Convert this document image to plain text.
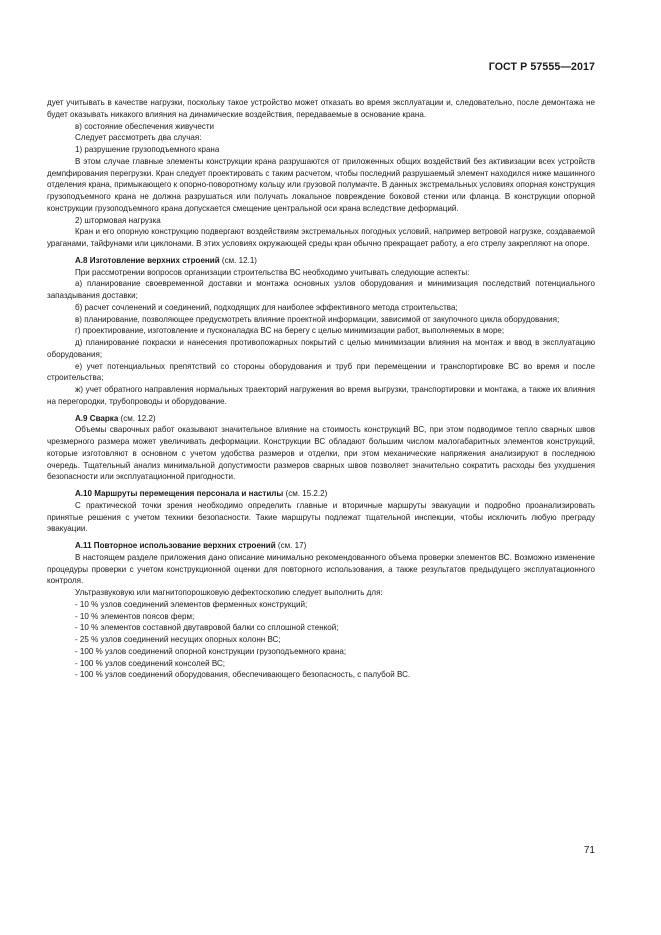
ГОСТ Р 57555—2017

дует учитывать в качестве нагрузки, поскольку такое устройство может отказать во время эксплуатации и, следовательно, после демонтажа не будет оказывать никакого влияния на динамические воздействия, передаваемые в основание крана.

в) состояние обеспечения живучести

Следует рассмотреть два случая:

1) разрушение грузоподъемного крана

В этом случае главные элементы конструкции крана разрушаются от приложенных общих воздействий без активизации всех устройств демпфирования перегрузки. Кран следует проектировать с таким расчетом, чтобы последний разрушаемый элемент находился ниже машинного отделения крана, примыкающего к опорно-поворотному кольцу или грузовой полумачте. В данных экстремальных условиях опорная конструкция грузоподъемного крана не должна разрушаться или получать локальное повреждение боковой стенки или фланца. В конструкции опорной конструкции грузоподъемного крана допускается смещение центральной оси крана вследствие деформаций.

2) штормовая нагрузка

Кран и его опорную конструкцию подвергают воздействиям экстремальных погодных условий, например ветровой нагрузке, создаваемой ураганами, тайфунами или циклонами. В этих условиях окружающей среды кран обычно прекращает работу, а его стрелу закрепляют на опоре.

А.8 Изготовление верхних строений (см. 12.1)

При рассмотрении вопросов организации строительства ВС необходимо учитывать следующие аспекты:

а) планирование своевременной доставки и монтажа основных узлов оборудования и минимизация последствий потенциального запаздывания доставки;

б) расчет сочленений и соединений, подходящих для наиболее эффективного метода строительства;

в) планирование, позволяющее предусмотреть влияние проектной информации, зависимой от закупочного цикла оборудования;

г) проектирование, изготовление и пусконаладка ВС на берегу с целью минимизации работ, выполняемых в море;

д) планирование покраски и нанесения противопожарных покрытий с целью минимизации влияния на монтаж и ввод в эксплуатацию оборудования;

е) учет потенциальных препятствий со стороны оборудования и труб при перемещении и транспортировке ВС во время и после строительства;

ж) учет обратного направления нормальных траекторий нагружения во время выгрузки, транспортировки и монтажа, а также их влияния на перегородки, трубопроводы и оборудование.

А.9 Сварка (см. 12.2)

Объемы сварочных работ оказывают значительное влияние на стоимость конструкций ВС, при этом подводимое тепло сварных швов чрезмерного размера может увеличивать деформации. Конструкции ВС обладают большим числом малогабаритных элементов конструкций, которые изготовляют в основном с учетом удобства размеров и отделки, при этом механические напряжения анализируют в последнюю очередь. Тщательный анализ минимальной допустимости размеров сварных швов позволяет значительно сократить расходы без ухудшения безопасности или эксплуатационной пригодности.

А.10 Маршруты перемещения персонала и настилы (см. 15.2.2)

С практической точки зрения необходимо определить главные и вторичные маршруты эвакуации и подробно проанализировать принятые решения с учетом техники безопасности. Такие маршруты подлежат тщательной инспекции, чтобы исключить любую преграду эвакуации.

А.11 Повторное использование верхних строений (см. 17)

В настоящем разделе приложения дано описание минимально рекомендованного объема проверки элементов ВС. Возможно изменение процедуры проверки с учетом конструкционной оценки для повторного использования, а также результатов предыдущего эксплуатационного контроля.

Ультразвуковую или магнитопорошковую дефектоскопию следует выполнить для:

- 10 % узлов соединений элементов ферменных конструкций;

- 10 % элементов поясов ферм;

- 10 % элементов составной двутавровой балки со сплошной стенкой;

- 25 % узлов соединений несущих опорных колонн ВС;

- 100 % узлов соединений опорной конструкции грузоподъемного крана;

- 100 % узлов соединений консолей ВС;

- 100 % узлов соединений оборудования, обеспечивающего безопасность, с палубой ВС.

71
